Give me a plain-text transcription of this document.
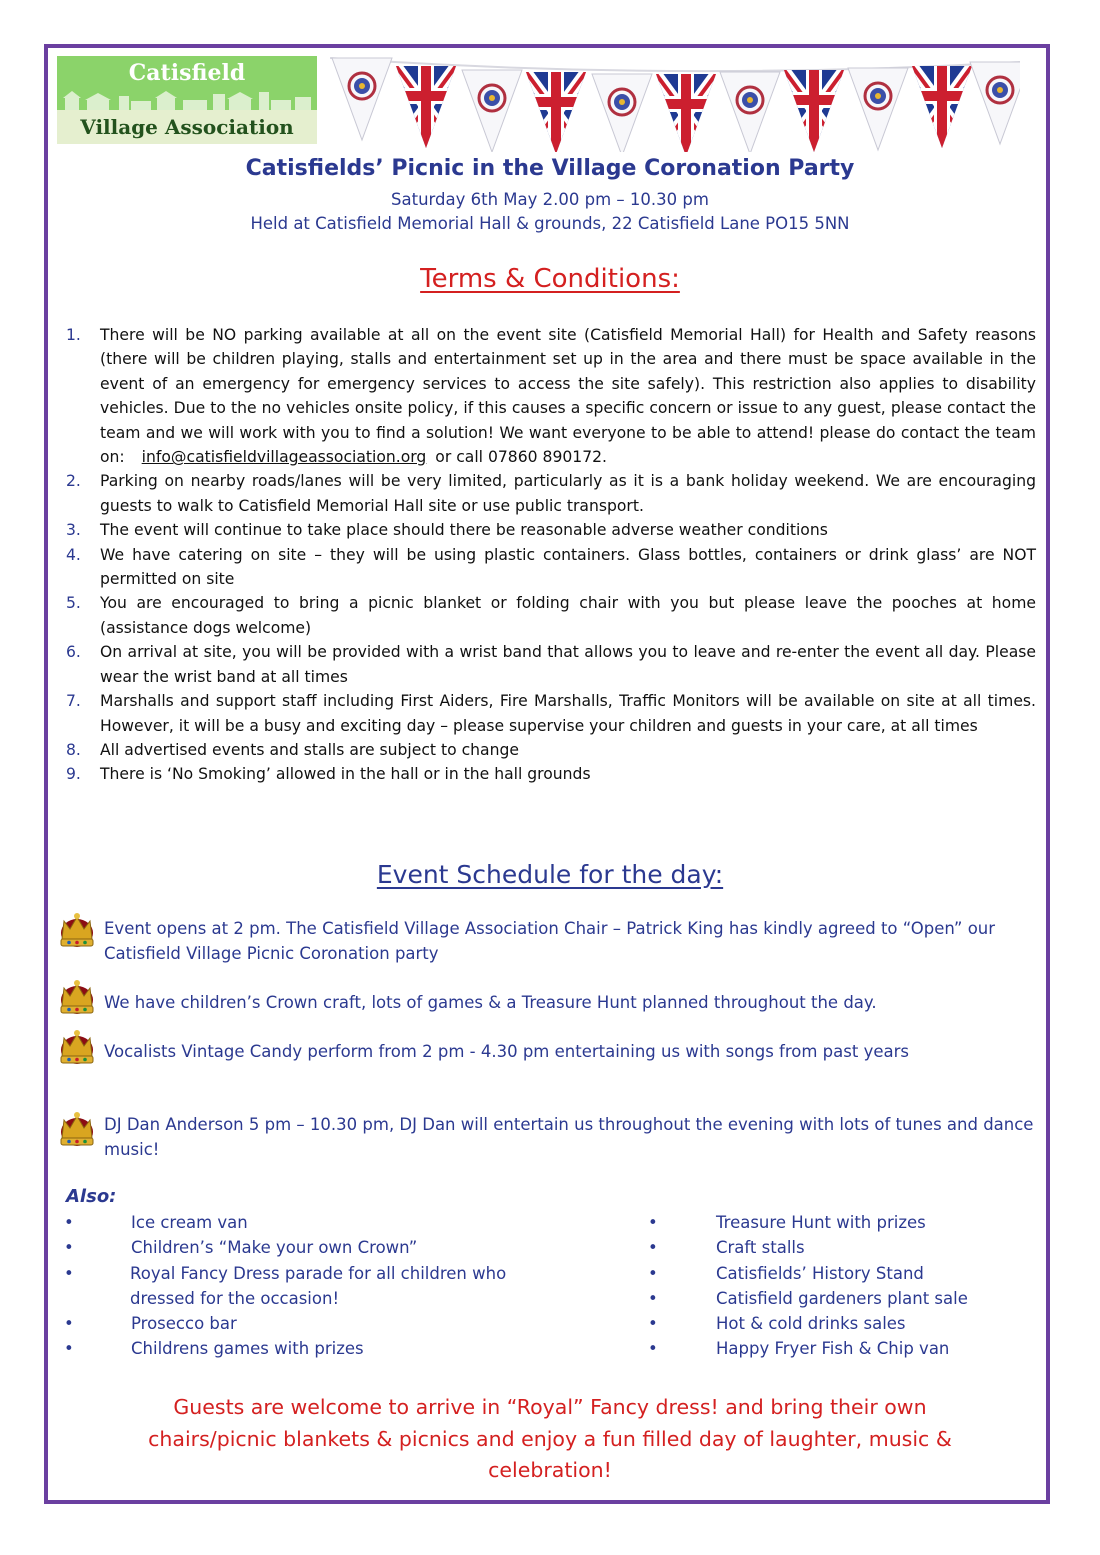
Catisfield
Village Association
Catisfields’ Picnic in the Village Coronation Party
Saturday 6th May 2.00 pm – 10.30 pm
Held at Catisfield Memorial Hall & grounds, 22 Catisfield Lane PO15 5NN
Terms & Conditions:
1.	There will be NO parking available at all on the event site (Catisfield Memorial Hall) for Health and Safety reasons (there will be children playing, stalls and entertainment set up in the area and there must be space available in the event of an emergency for emergency services to access the site safely). This restriction also applies to disability vehicles. Due to the no vehicles onsite policy, if this causes a specific concern or issue to any guest, please contact the team and we will work with you to find a solution! We want everyone to be able to attend! please do contact the team on: info@catisfieldvillageassociation.org or call 07860 890172.
2.	Parking on nearby roads/lanes will be very limited, particularly as it is a bank holiday weekend. We are encouraging guests to walk to Catisfield Memorial Hall site or use public transport.
3.	The event will continue to take place should there be reasonable adverse weather conditions
4.	We have catering on site – they will be using plastic containers. Glass bottles, containers or drink glass’ are NOT permitted on site
5.	You are encouraged to bring a picnic blanket or folding chair with you but please leave the pooches at home (assistance dogs welcome)
6.	On arrival at site, you will be provided with a wrist band that allows you to leave and re-enter the event all day. Please wear the wrist band at all times
7.	Marshalls and support staff including First Aiders, Fire Marshalls, Traffic Monitors will be available on site at all times. However, it will be a busy and exciting day – please supervise your children and guests in your care, at all times
8.	All advertised events and stalls are subject to change
9.	There is ‘No Smoking’ allowed in the hall or in the hall grounds
Event Schedule for the day:
Event opens at 2 pm. The Catisfield Village Association Chair – Patrick King has kindly agreed to “Open” our Catisfield Village Picnic Coronation party
We have children’s Crown craft, lots of games & a Treasure Hunt planned throughout the day.
Vocalists Vintage Candy perform from 2 pm - 4.30 pm entertaining us with songs from past years
DJ Dan Anderson 5 pm – 10.30 pm, DJ Dan will entertain us throughout the evening with lots of tunes and dance music!
Also:
•	Ice cream van
•	Children’s “Make your own Crown”
•	Royal Fancy Dress parade for all children who dressed for the occasion!
•	Prosecco bar
•	Childrens games with prizes
•	Treasure Hunt with prizes
•	Craft stalls
•	Catisfields’ History Stand
•	Catisfield gardeners plant sale
•	Hot & cold drinks sales
•	Happy Fryer Fish & Chip van
Guests are welcome to arrive in “Royal” Fancy dress! and bring their own
chairs/picnic blankets & picnics and enjoy a fun filled day of laughter, music &
celebration!
